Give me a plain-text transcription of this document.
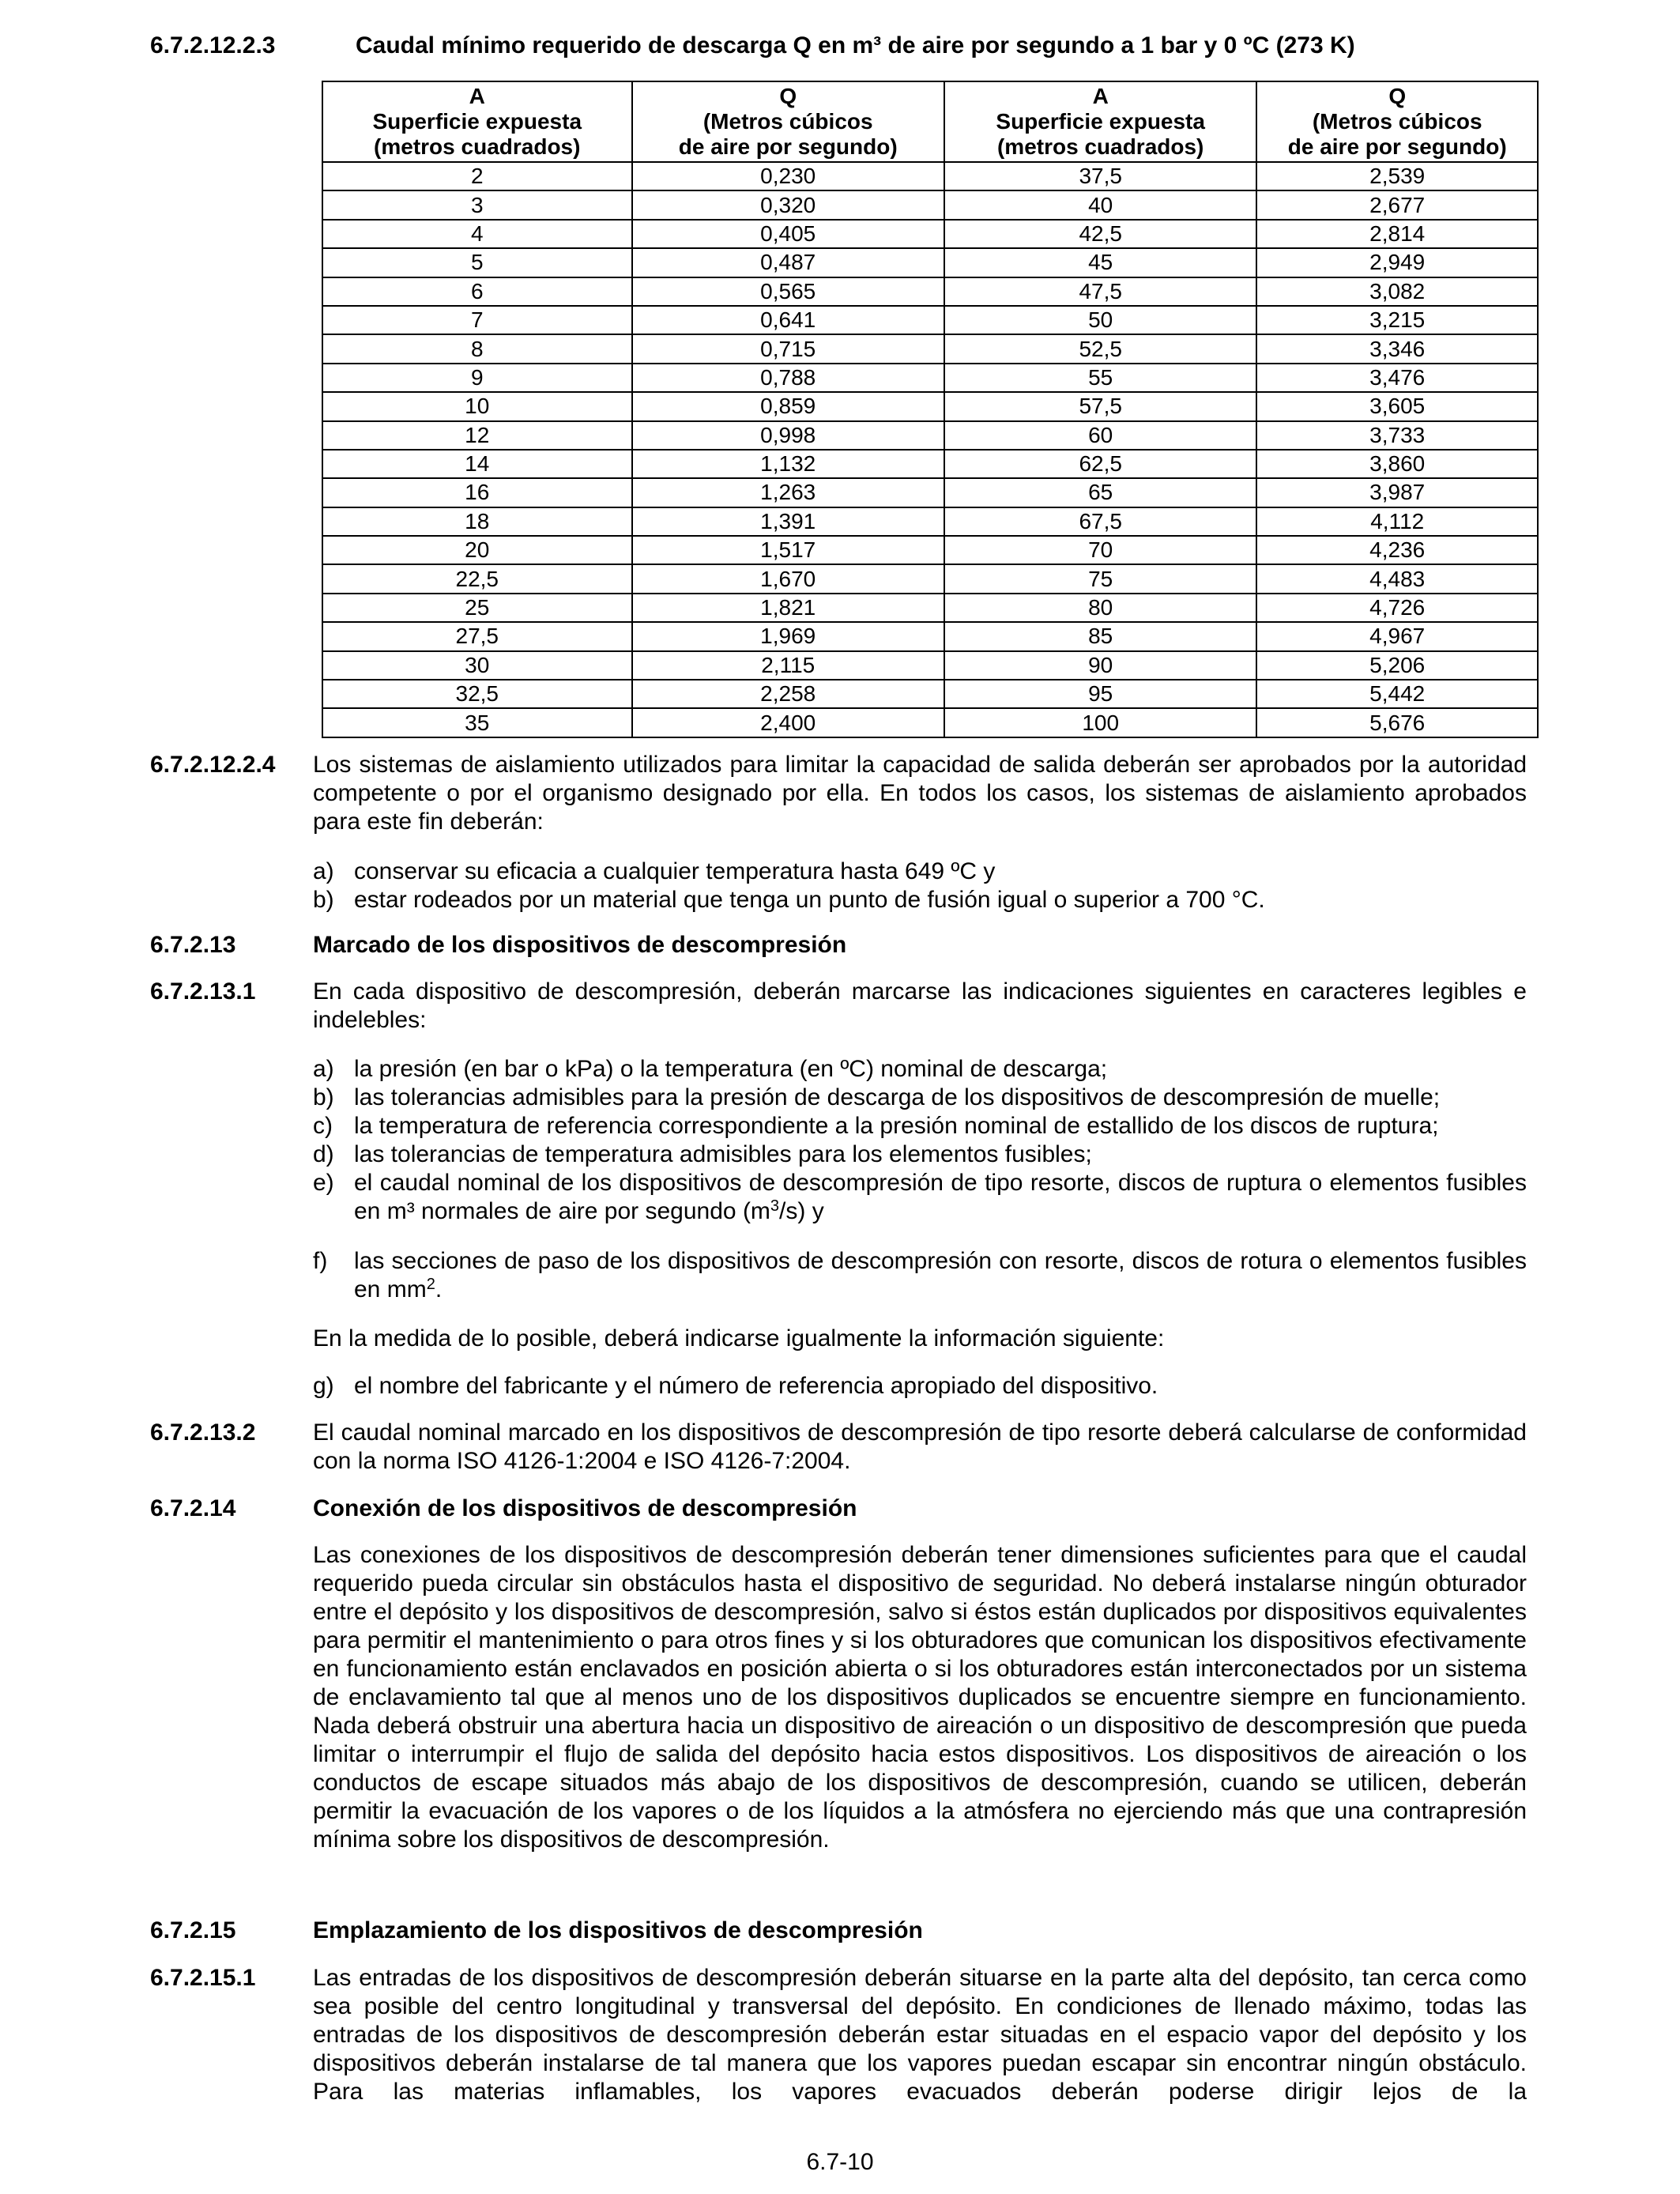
6.7.2.12.2.3	Caudal mínimo requerido de descarga Q en m³ de aire por segundo a 1 bar y 0 ºC (273 K)
A
Superficie expuesta
(metros cuadrados)	Q
(Metros cúbicos
de aire por segundo)	A
Superficie expuesta
(metros cuadrados)	Q
(Metros cúbicos
de aire por segundo)

2	0,230	37,5	2,539
3	0,320	40	2,677
4	0,405	42,5	2,814
5	0,487	45	2,949
6	0,565	47,5	3,082
7	0,641	50	3,215
8	0,715	52,5	3,346
9	0,788	55	3,476
10	0,859	57,5	3,605
12	0,998	60	3,733
14	1,132	62,5	3,860
16	1,263	65	3,987
18	1,391	67,5	4,112
20	1,517	70	4,236
22,5	1,670	75	4,483
25	1,821	80	4,726
27,5	1,969	85	4,967
30	2,115	90	5,206
32,5	2,258	95	5,442
35	2,400	100	5,676
6.7.2.12.2.4 Los sistemas de aislamiento utilizados para limitar la capacidad de salida deberán ser aprobados por la autoridad competente o por el organismo designado por ella. En todos los casos, los sistemas de aislamiento aprobados para este fin deberán:
a) conservar su eficacia a cualquier temperatura hasta 649 ºC y
b) estar rodeados por un material que tenga un punto de fusión igual o superior a 700 °C.
6.7.2.13	Marcado de los dispositivos de descompresión
6.7.2.13.1 En cada dispositivo de descompresión, deberán marcarse las indicaciones siguientes en caracteres legibles e indelebles:
a) la presión (en bar o kPa) o la temperatura (en ºC) nominal de descarga;
b) las tolerancias admisibles para la presión de descarga de los dispositivos de descompresión de muelle;
c) la temperatura de referencia correspondiente a la presión nominal de estallido de los discos de ruptura;
d) las tolerancias de temperatura admisibles para los elementos fusibles;
e) el caudal nominal de los dispositivos de descompresión de tipo resorte, discos de ruptura o elementos fusibles en m³ normales de aire por segundo $(m^3/s)$ y
f)	las secciones de paso de los dispositivos de descompresión con resorte, discos de rotura o elementos fusibles en $mm^2$.
En la medida de lo posible, deberá indicarse igualmente la información siguiente:
g) el nombre del fabricante y el número de referencia apropiado del dispositivo.
6.7.2.13.2 El caudal nominal marcado en los dispositivos de descompresión de tipo resorte deberá calcularse de conformidad con la norma ISO 4126-1:2004 e ISO 4126-7:2004.
6.7.2.14	Conexión de los dispositivos de descompresión
Las conexiones de los dispositivos de descompresión deberán tener dimensiones suficientes para que el caudal requerido pueda circular sin obstáculos hasta el dispositivo de seguridad. No deberá instalarse ningún obturador entre el depósito y los dispositivos de descompresión, salvo si éstos están duplicados por dispositivos equivalentes para permitir el mantenimiento o para otros fines y si los obturadores que comunican los dispositivos efectivamente en funcionamiento están enclavados en posición abierta o si los obturadores están interconectados por un sistema de enclavamiento tal que al menos uno de los dispositivos duplicados se encuentre siempre en funcionamiento. Nada deberá obstruir una abertura hacia un dispositivo de aireación o un dispositivo de descompresión que pueda limitar o interrumpir el flujo de salida del depósito hacia estos dispositivos. Los dispositivos de aireación o los conductos de escape situados más abajo de los dispositivos de descompresión, cuando se utilicen, deberán permitir la evacuación de los vapores o de los líquidos a la atmósfera no ejerciendo más que una contrapresión mínima sobre los dispositivos de descompresión.
6.7.2.15	Emplazamiento de los dispositivos de descompresión
6.7.2.15.1 Las entradas de los dispositivos de descompresión deberán situarse en la parte alta del depósito, tan cerca como sea posible del centro longitudinal y transversal del depósito. En condiciones de llenado máximo, todas las entradas de los dispositivos de descompresión deberán estar situadas en el espacio vapor del depósito y los dispositivos deberán instalarse de tal manera que los vapores puedan escapar sin encontrar ningún obstáculo. Para las materias inflamables, los vapores evacuados deberán poderse dirigir lejos de la
6.7-10
